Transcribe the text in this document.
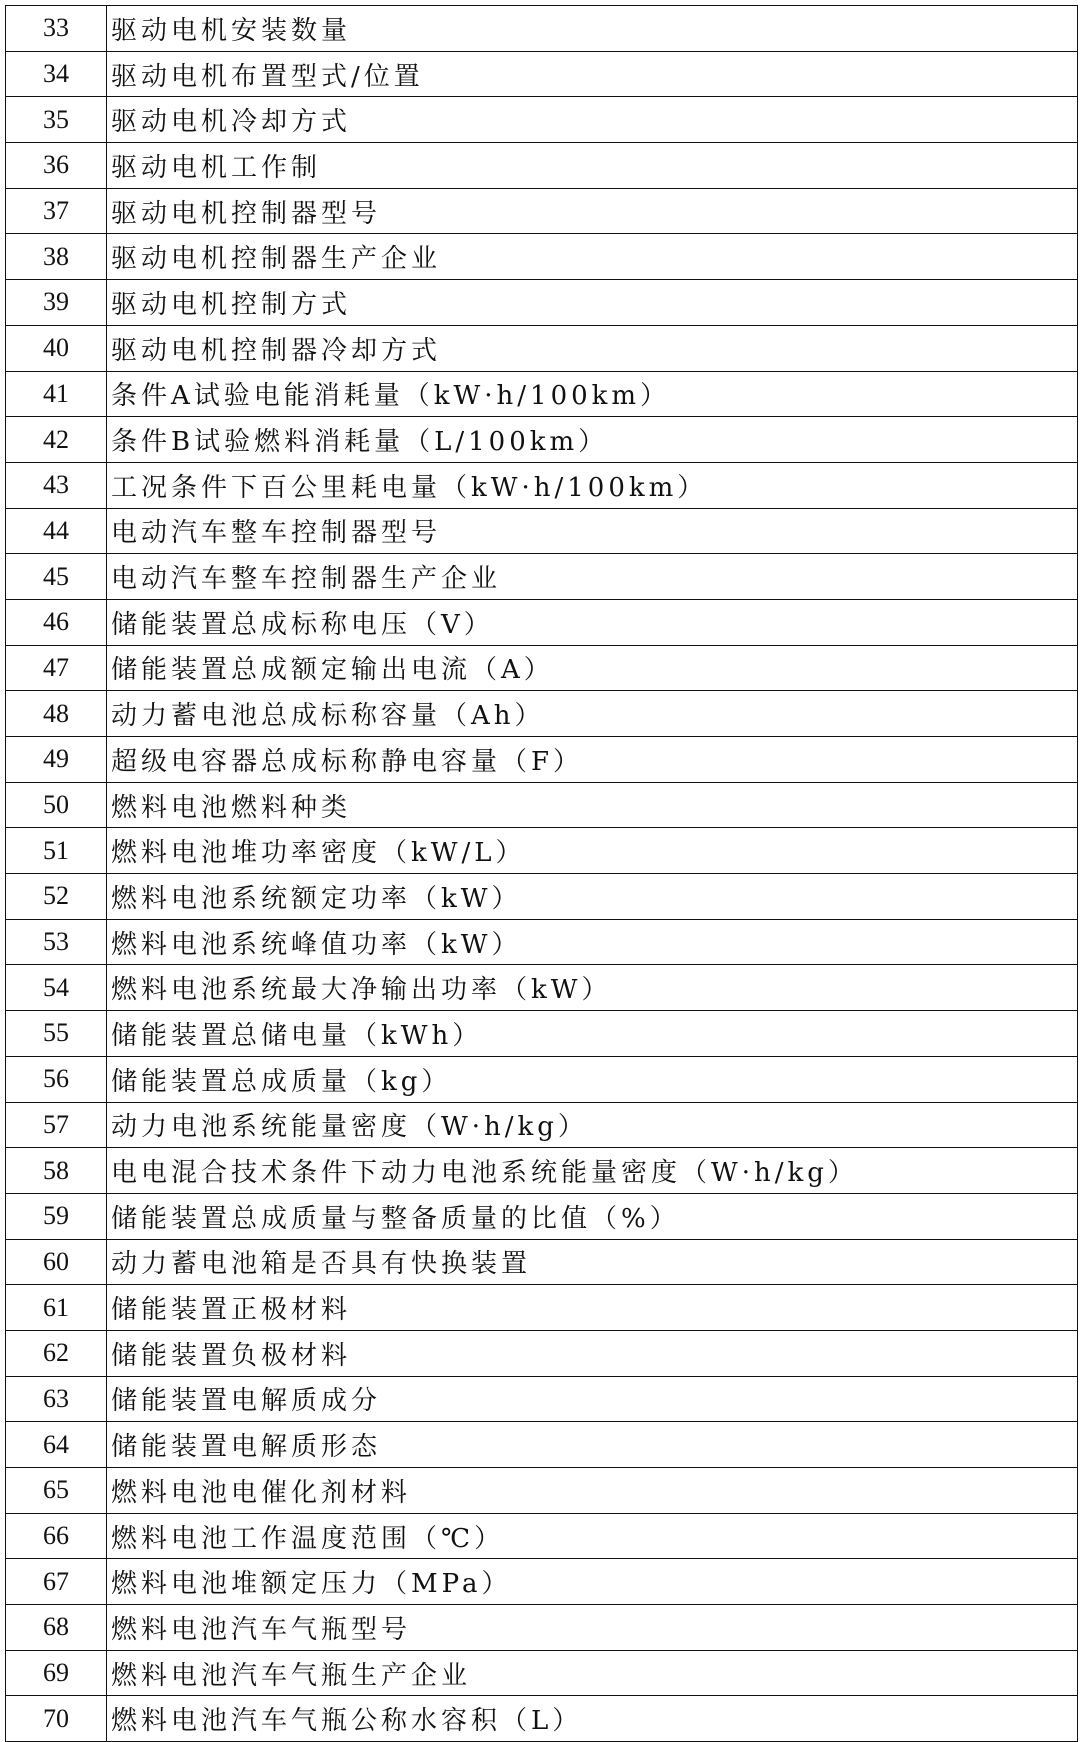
33	驱动电机安装数量
34	驱动电机布置型式/位置
35	驱动电机冷却方式
36	驱动电机工作制
37	驱动电机控制器型号
38	驱动电机控制器生产企业
39	驱动电机控制方式
40	驱动电机控制器冷却方式
41	条件A试验电能消耗量（kW·h/100km）
42	条件B试验燃料消耗量（L/100km）
43	工况条件下百公里耗电量（kW·h/100km）
44	电动汽车整车控制器型号
45	电动汽车整车控制器生产企业
46	储能装置总成标称电压（V）
47	储能装置总成额定输出电流（A）
48	动力蓄电池总成标称容量（Ah）
49	超级电容器总成标称静电容量（F）
50	燃料电池燃料种类
51	燃料电池堆功率密度（kW/L）
52	燃料电池系统额定功率（kW）
53	燃料电池系统峰值功率（kW）
54	燃料电池系统最大净输出功率（kW）
55	储能装置总储电量（kWh）
56	储能装置总成质量（kg）
57	动力电池系统能量密度（W·h/kg）
58	电电混合技术条件下动力电池系统能量密度（W·h/kg）
59	储能装置总成质量与整备质量的比值（%）
60	动力蓄电池箱是否具有快换装置
61	储能装置正极材料
62	储能装置负极材料
63	储能装置电解质成分
64	储能装置电解质形态
65	燃料电池电催化剂材料
66	燃料电池工作温度范围（℃）
67	燃料电池堆额定压力（MPa）
68	燃料电池汽车气瓶型号
69	燃料电池汽车气瓶生产企业
70	燃料电池汽车气瓶公称水容积（L）
